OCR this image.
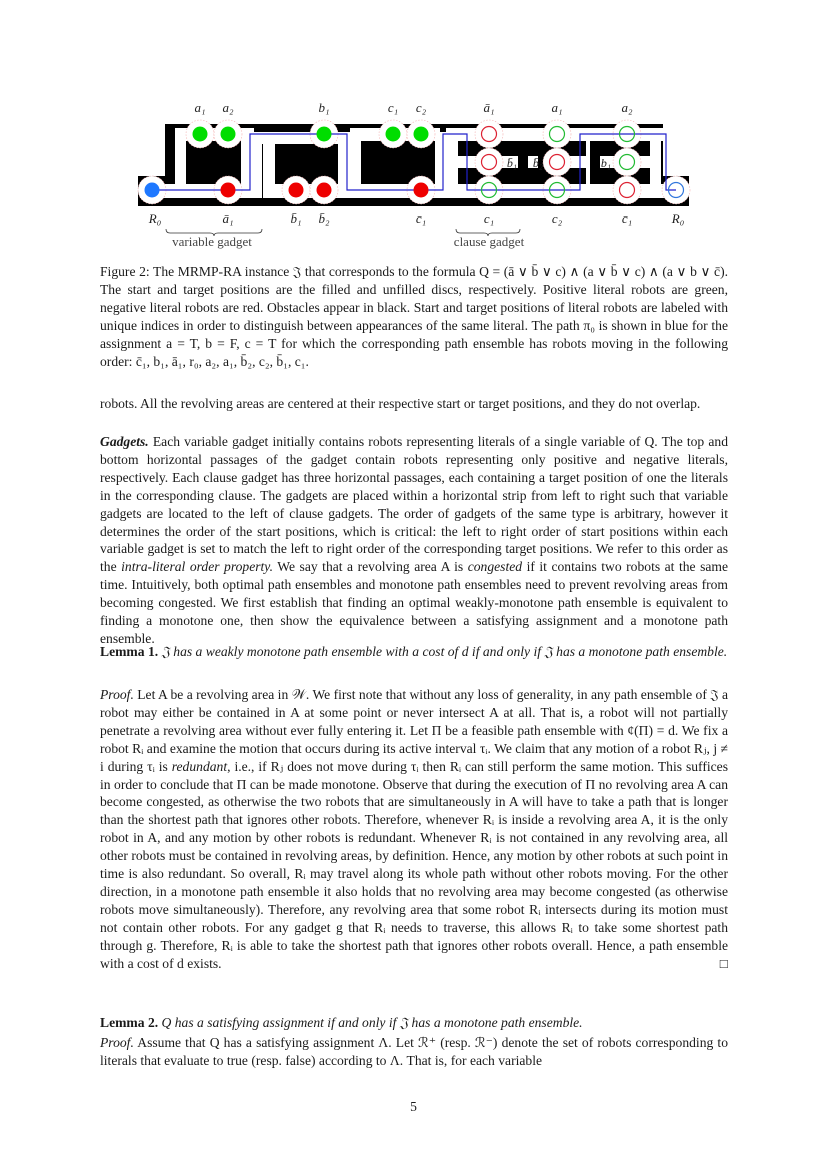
a₁ a₂	b₁	c₁ c₂	ā₁	a₁	a₂
R₀	ā₁	b̄₁ b̄₂	c̄₁	c₁	c₂	c̄₁	R₀
b̄₁ b̄₂	b₁
variable gadget	clause gadget
Figure 2: The MRMP-RA instance 𝔍 that corresponds to the formula Q = (ā ∨ b̄ ∨ c) ∧ (a ∨ b̄ ∨ c) ∧ (a ∨ b ∨ c̄). The start and target positions are the filled and unfilled discs, respectively. Positive literal robots are green, negative literal robots are red. Obstacles appear in black. Start and target positions of literal robots are labeled with unique indices in order to distinguish between appearances of the same literal. The path π₀ is shown in blue for the assignment a = T, b = F, c = T for which the corresponding path ensemble has robots moving in the following order: c̄₁, b₁, ā₁, r₀, a₂, a₁, b̄₂, c₂, b̄₁, c₁.

robots. All the revolving areas are centered at their respective start or target positions, and they do not overlap.

Gadgets. Each variable gadget initially contains robots representing literals of a single variable of Q. The top and bottom horizontal passages of the gadget contain robots representing only positive and negative literals, respectively. Each clause gadget has three horizontal passages, each containing a target position of one the literals in the corresponding clause. The gadgets are placed within a horizontal strip from left to right such that variable gadgets are located to the left of clause gadgets. The order of gadgets of the same type is arbitrary, however it determines the order of the start positions, which is critical: the left to right order of start positions within each variable gadget is set to match the left to right order of the corresponding target positions. We refer to this order as the intra-literal order property. We say that a revolving area A is congested if it contains two robots at the same time. Intuitively, both optimal path ensembles and monotone path ensembles need to prevent revolving areas from becoming congested. We first establish that finding an optimal weakly-monotone path ensemble is equivalent to finding a monotone one, then show the equivalence between a satisfying assignment and a monotone path ensemble.

Lemma 1. 𝔍 has a weakly monotone path ensemble with a cost of d if and only if 𝔍 has a monotone path ensemble.

Proof. Let A be a revolving area in 𝒲. We first note that without any loss of generality, in any path ensemble of 𝔍 a robot may either be contained in A at some point or never intersect A at all. That is, a robot will not partially penetrate a revolving area without ever fully entering it. Let Π be a feasible path ensemble with ¢(Π) = d. We fix a robot Rᵢ and examine the motion that occurs during its active interval τᵢ. We claim that any motion of a robot Rⱼ, j ≠ i during τᵢ is redundant, i.e., if Rⱼ does not move during τᵢ then Rᵢ can still perform the same motion. This suffices in order to conclude that Π can be made monotone. Observe that during the execution of Π no revolving area A can become congested, as otherwise the two robots that are simultaneously in A will have to take a path that is longer than the shortest path that ignores other robots. Therefore, whenever Rᵢ is inside a revolving area A, it is the only robot in A, and any motion by other robots is redundant. Whenever Rᵢ is not contained in any revolving area, all other robots must be contained in revolving areas, by definition. Hence, any motion by other robots at such point in time is also redundant. So overall, Rᵢ may travel along its whole path without other robots moving. For the other direction, in a monotone path ensemble it also holds that no revolving area may become congested (as otherwise robots move simultaneously). Therefore, any revolving area that some robot Rᵢ intersects during its motion must not contain other robots. For any gadget g that Rᵢ needs to traverse, this allows Rᵢ to take some shortest path through g. Therefore, Rᵢ is able to take the shortest path that ignores other robots overall. Hence, a path ensemble with a cost of d exists.	□

Lemma 2. Q has a satisfying assignment if and only if 𝔍 has a monotone path ensemble.

Proof. Assume that Q has a satisfying assignment Λ. Let ℛ⁺ (resp. ℛ⁻) denote the set of robots corresponding to literals that evaluate to true (resp. false) according to Λ. That is, for each variable

5
